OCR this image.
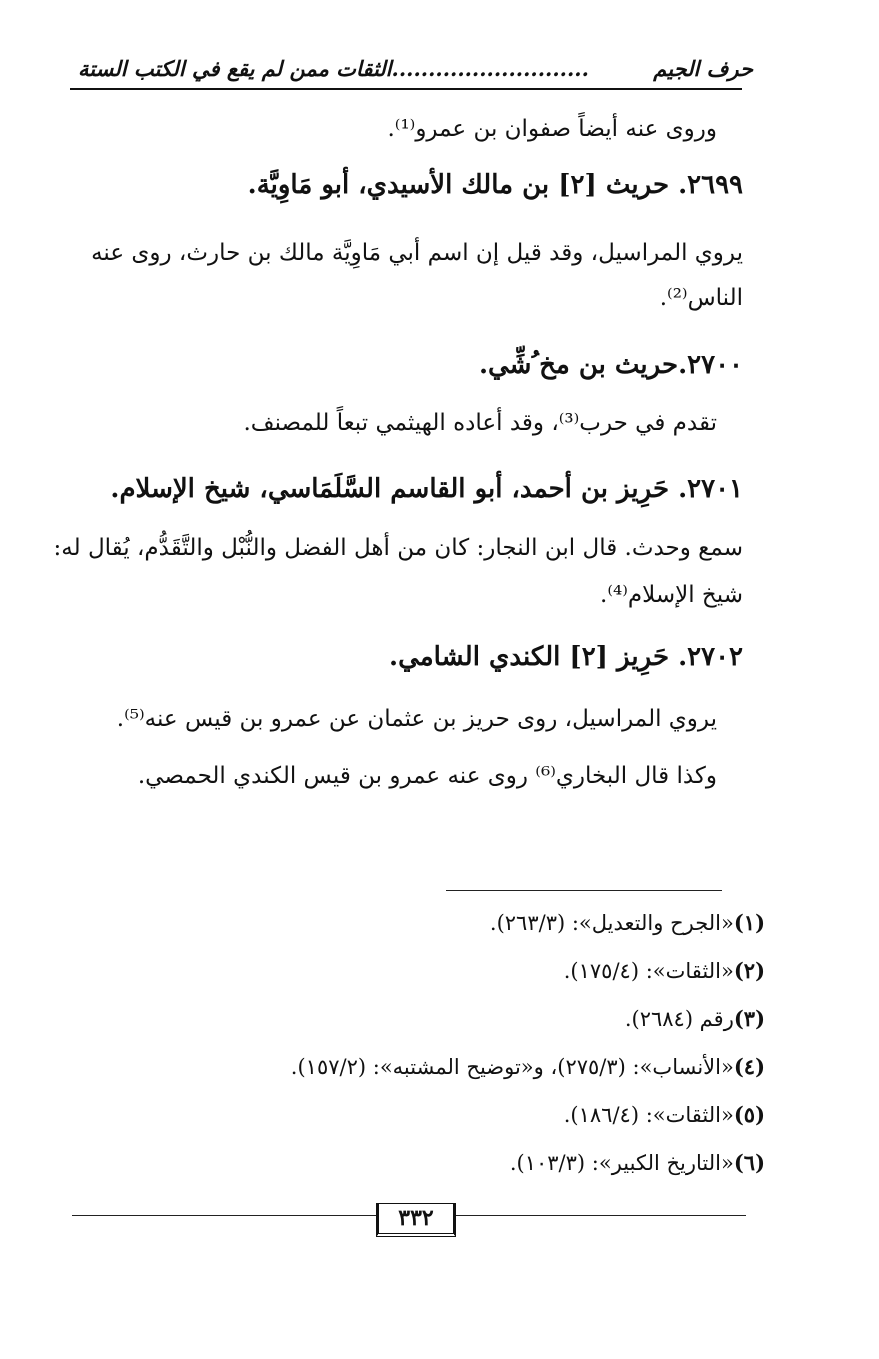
حرف الجيم
...........................الثقات ممن لم يقع في الكتب الستة
وروى عنه أيضاً صفوان بن عمرو⁽¹⁾.
٢٦٩٩. حريث [٢] بن مالك الأسيدي، أبو مَاوِيَّة.
يروي المراسيل، وقد قيل إن اسم أبي مَاوِيَّة مالك بن حارث، روى عنه
الناس⁽²⁾.
٢٧٠٠.حريث بن مخ ُشِّي.
تقدم في حرب⁽³⁾، وقد أعاده الهيثمي تبعاً للمصنف.
٢٧٠١. حَرِيز بن أحمد، أبو القاسم السَّلَمَاسي، شيخ الإسلام.
سمع وحدث. قال ابن النجار: كان من أهل الفضل والنُّبْل والتَّقَدُّم، يُقال له:
شيخ الإسلام⁽⁴⁾.
٢٧٠٢. حَرِيز [٢] الكندي الشامي.
يروي المراسيل، روى حريز بن عثمان عن عمرو بن قيس عنه⁽⁵⁾.
وكذا قال البخاري⁽⁶⁾ روى عنه عمرو بن قيس الكندي الحمصي.
(١)«الجرح والتعديل»: (٢٦٣/٣).
(٢)«الثقات»: (١٧٥/٤).
(٣)رقم (٢٦٨٤).
(٤)«الأنساب»: (٢٧٥/٣)، و«توضيح المشتبه»: (١٥٧/٢).
(٥)«الثقات»: (١٨٦/٤).
(٦)«التاريخ الكبير»: (١٠٣/٣).
٣٣٢
